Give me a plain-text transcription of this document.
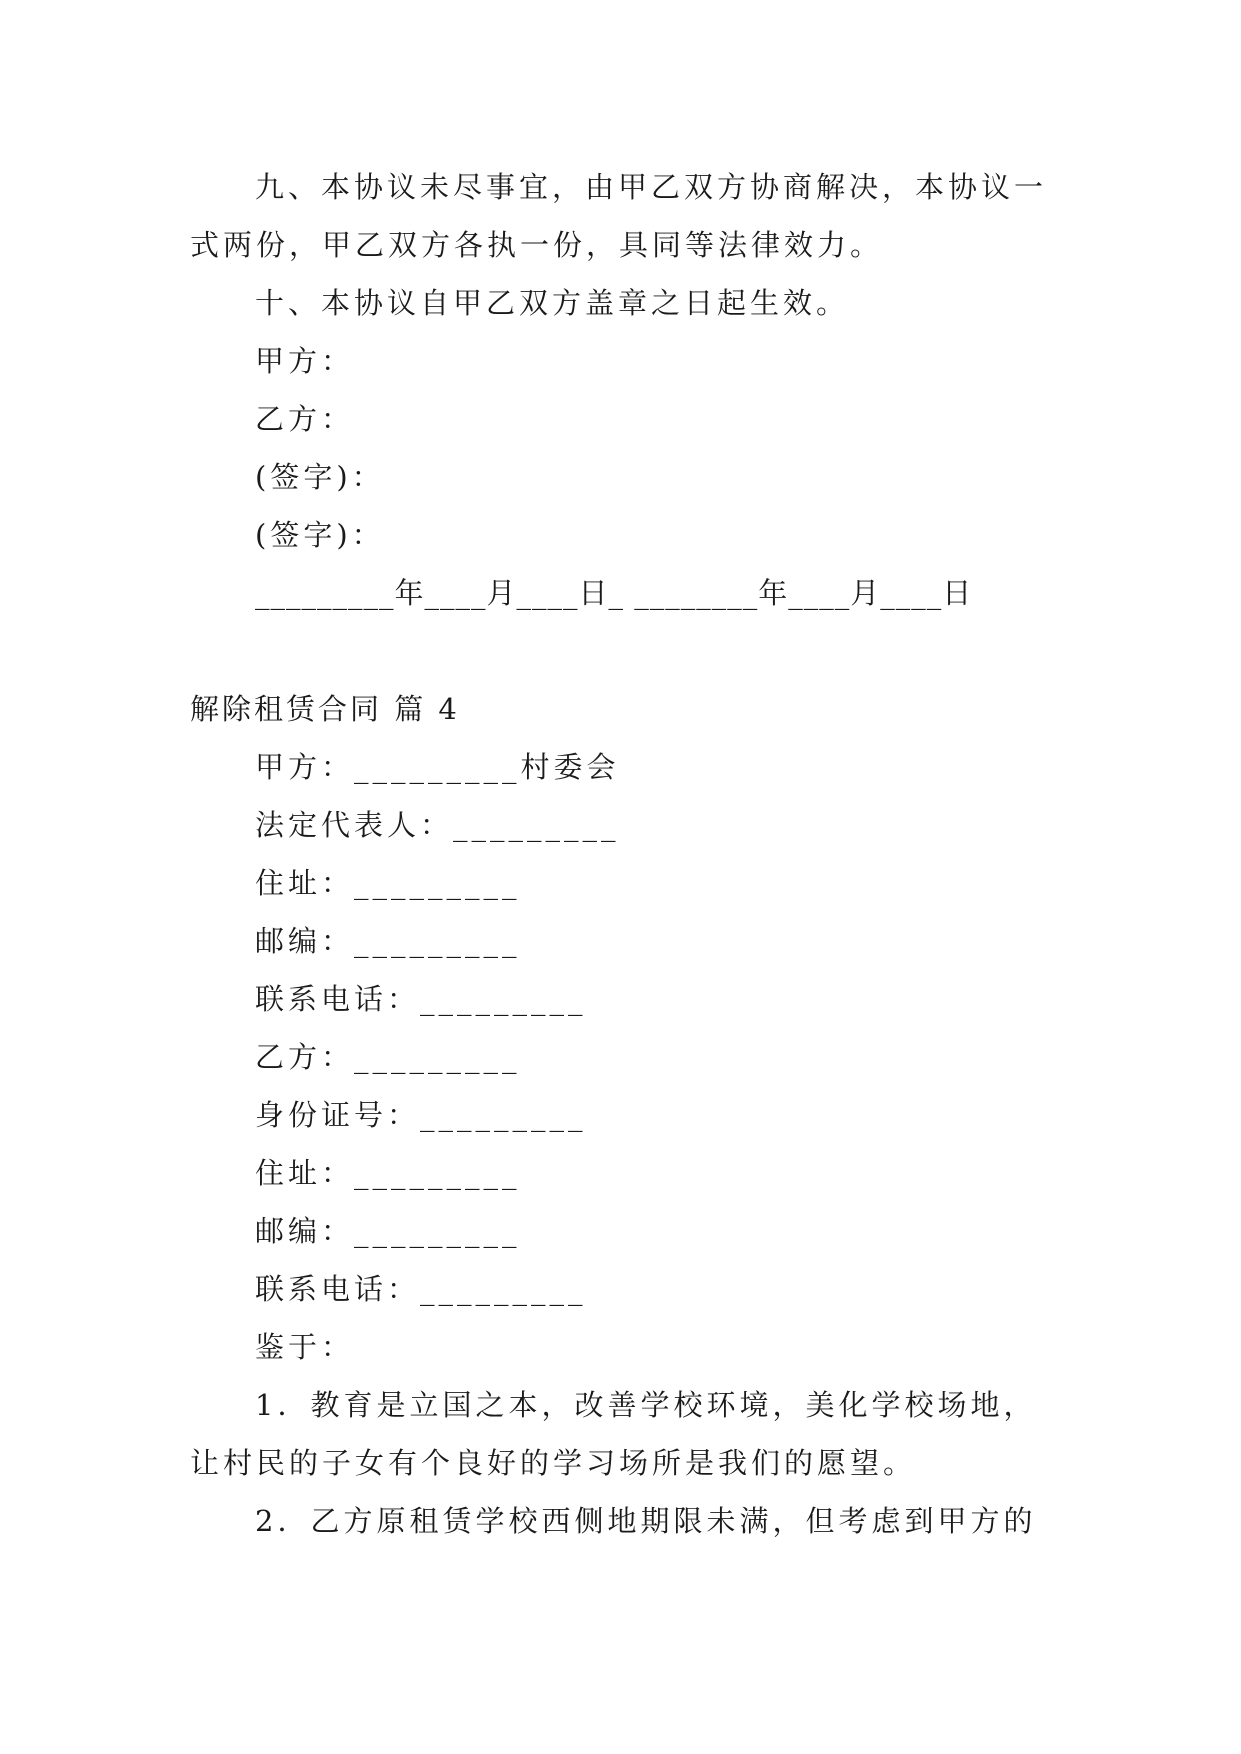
九、本协议未尽事宜，由甲乙双方协商解决，本协议一
式两份，甲乙双方各执一份，具同等法律效力。
十、本协议自甲乙双方盖章之日起生效。
甲方：
乙方：
(签字)：
(签字)：
_________年____月____日_ ________年____月____日
解除租赁合同 篇 4
甲方：_________村委会
法定代表人：_________
住址：_________
邮编：_________
联系电话：_________
乙方：_________
身份证号：_________
住址：_________
邮编：_________
联系电话：_________
鉴于：
1．教育是立国之本，改善学校环境，美化学校场地，
让村民的子女有个良好的学习场所是我们的愿望。
2．乙方原租赁学校西侧地期限未满，但考虑到甲方的
